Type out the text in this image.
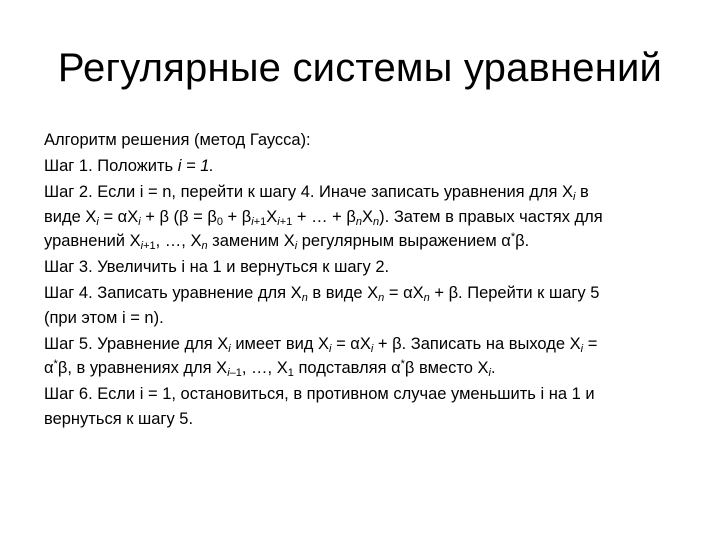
Регулярные системы уравнений

Алгоритм решения (метод Гаусса):

Шаг 1. Положить i = 1.

Шаг 2. Если i = n, перейти к шагу 4. Иначе записать уравнения для $X_i$ в
виде $X_i = \alpha X_i + \beta$ ($\beta = \beta_0 + \beta_{i+1}X_{i+1}$ + … + $\beta_nX_n$). Затем в правых частях для
уравнений $X_{i+1}$, …, $X_n$ заменим $X_i$ регулярным выражением α*β.

Шаг 3. Увеличить i на 1 и вернуться к шагу 2.

Шаг 4. Записать уравнение для $X_n$ в виде $X_n = \alpha X_n + \beta$. Перейти к шагу 5
(при этом i = n).

Шаг 5. Уравнение для $X_i$ имеет вид $X_i = \alpha X_i + \beta$. Записать на выходе $X_i$ =
α*β, в уравнениях для $X_{i-1}$, …, $X_1$ подставляя α*β вместо $X_i$.

Шаг 6. Если i = 1, остановиться, в противном случае уменьшить i на 1 и
вернуться к шагу 5.
